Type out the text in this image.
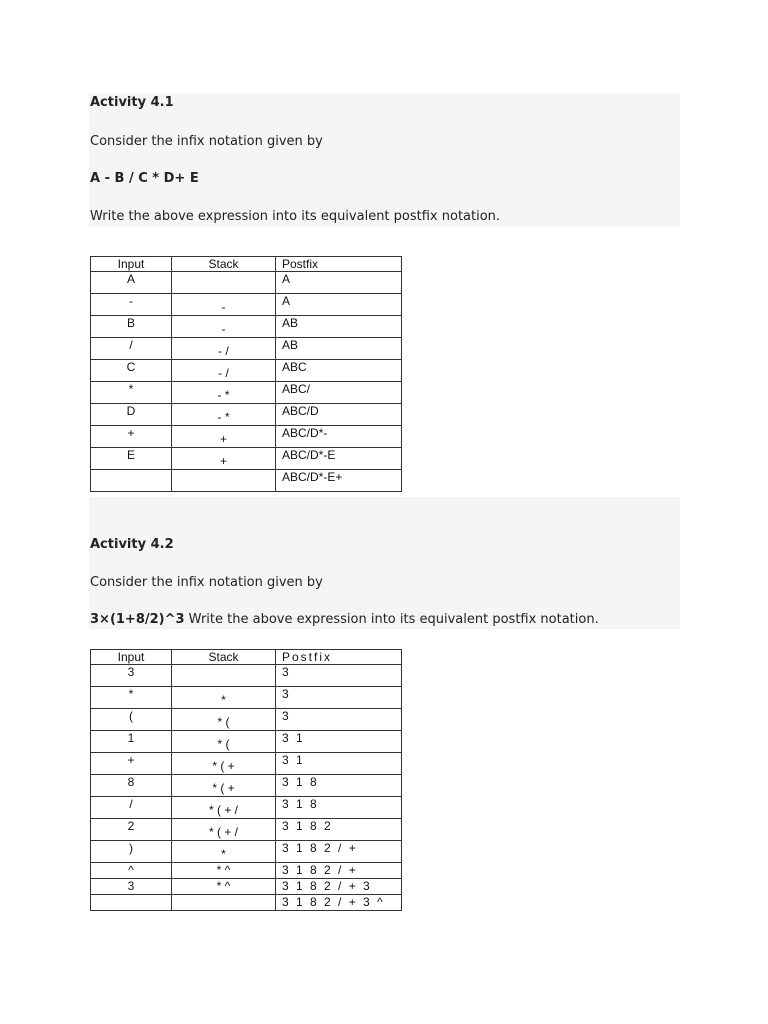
Activity 4.1
Consider the infix notation given by
A - B / C * D+ E
Write the above expression into its equivalent postfix notation.
Input	Stack	Postfix
A		A
-	-	A
B	-	AB
/	- /	AB
C	- /	ABC
*	- *	ABC/
D	- *	ABC/D
+	+	ABC/D*-
E	+	ABC/D*-E
		ABC/D*-E+
Activity 4.2
Consider the infix notation given by
3×(1+8/2)^3 Write the above expression into its equivalent postfix notation.
Input	Stack	Postfix
3		3
*	*	3
(	* (	3
1	* (	3 1
+	* ( +	3 1
8	* ( +	3 1 8
/	* ( + /	3 1 8
2	* ( + /	3 1 8 2
)	*	3 1 8 2 / +
^	* ^	3 1 8 2 / +
3	* ^	3 1 8 2 / + 3
		3 1 8 2 / + 3 ^
